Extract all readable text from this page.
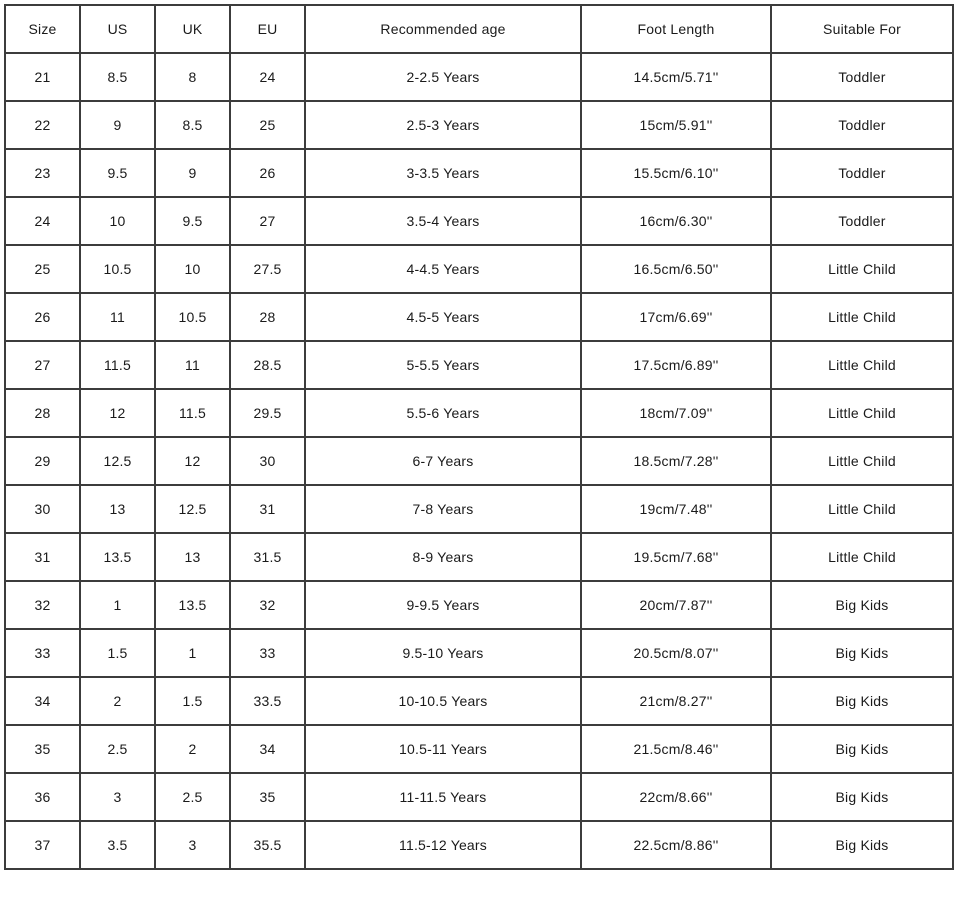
Size	US	UK	EU	Recommended age	Foot Length	Suitable For
21	8.5	8	24	2-2.5 Years	14.5cm/5.71''	Toddler
22	9	8.5	25	2.5-3 Years	15cm/5.91''	Toddler
23	9.5	9	26	3-3.5 Years	15.5cm/6.10''	Toddler
24	10	9.5	27	3.5-4 Years	16cm/6.30''	Toddler
25	10.5	10	27.5	4-4.5 Years	16.5cm/6.50''	Little Child
26	11	10.5	28	4.5-5 Years	17cm/6.69''	Little Child
27	11.5	11	28.5	5-5.5 Years	17.5cm/6.89''	Little Child
28	12	11.5	29.5	5.5-6 Years	18cm/7.09''	Little Child
29	12.5	12	30	6-7 Years	18.5cm/7.28''	Little Child
30	13	12.5	31	7-8 Years	19cm/7.48''	Little Child
31	13.5	13	31.5	8-9 Years	19.5cm/7.68''	Little Child
32	1	13.5	32	9-9.5 Years	20cm/7.87''	Big Kids
33	1.5	1	33	9.5-10 Years	20.5cm/8.07''	Big Kids
34	2	1.5	33.5	10-10.5 Years	21cm/8.27''	Big Kids
35	2.5	2	34	10.5-11 Years	21.5cm/8.46''	Big Kids
36	3	2.5	35	11-11.5 Years	22cm/8.66''	Big Kids
37	3.5	3	35.5	11.5-12 Years	22.5cm/8.86''	Big Kids
